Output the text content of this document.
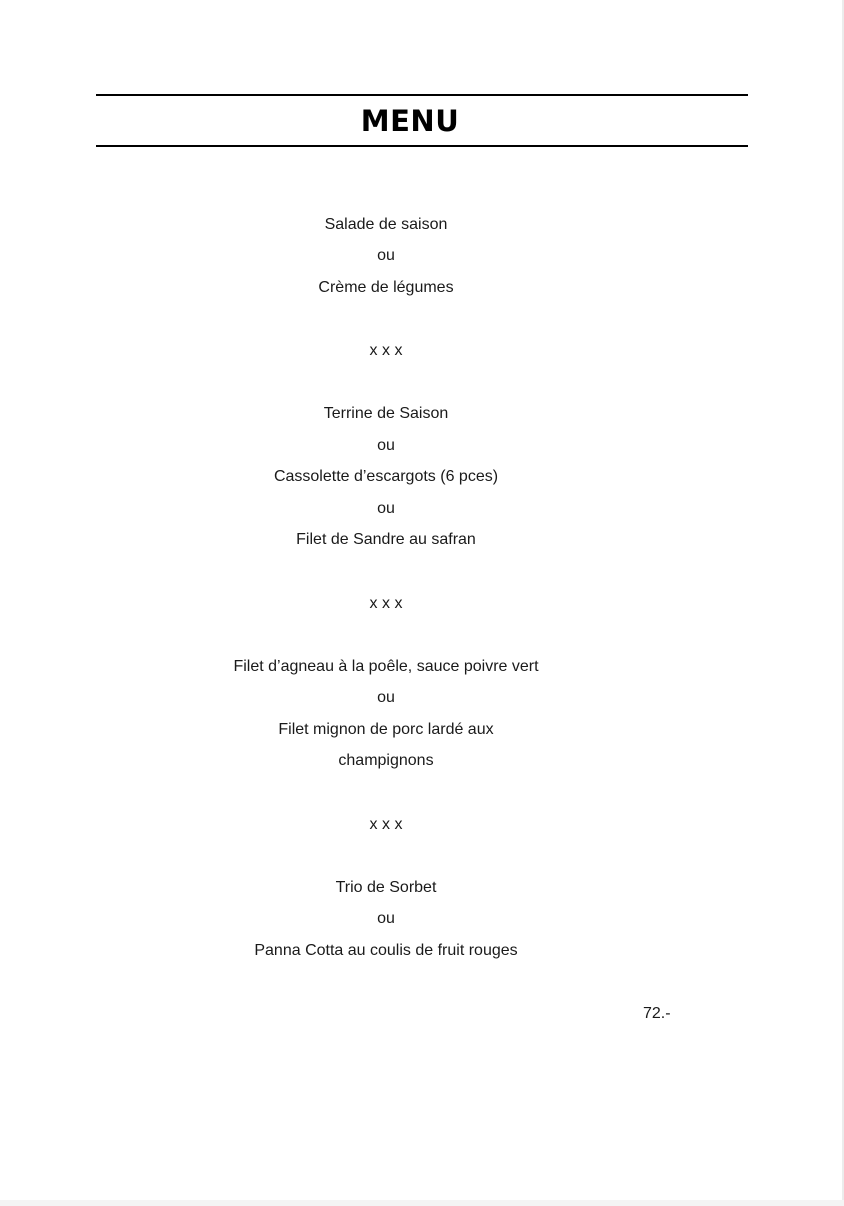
MENU
Salade de saison
ou
Crème de légumes
x x x
Terrine de Saison
ou
Cassolette d’escargots (6 pces)
ou
Filet de Sandre au safran
x x x
Filet d’agneau à la poêle, sauce poivre vert
ou
Filet mignon de porc lardé aux
champignons
x x x
Trio de Sorbet
ou
Panna Cotta au coulis de fruit rouges
72.-
